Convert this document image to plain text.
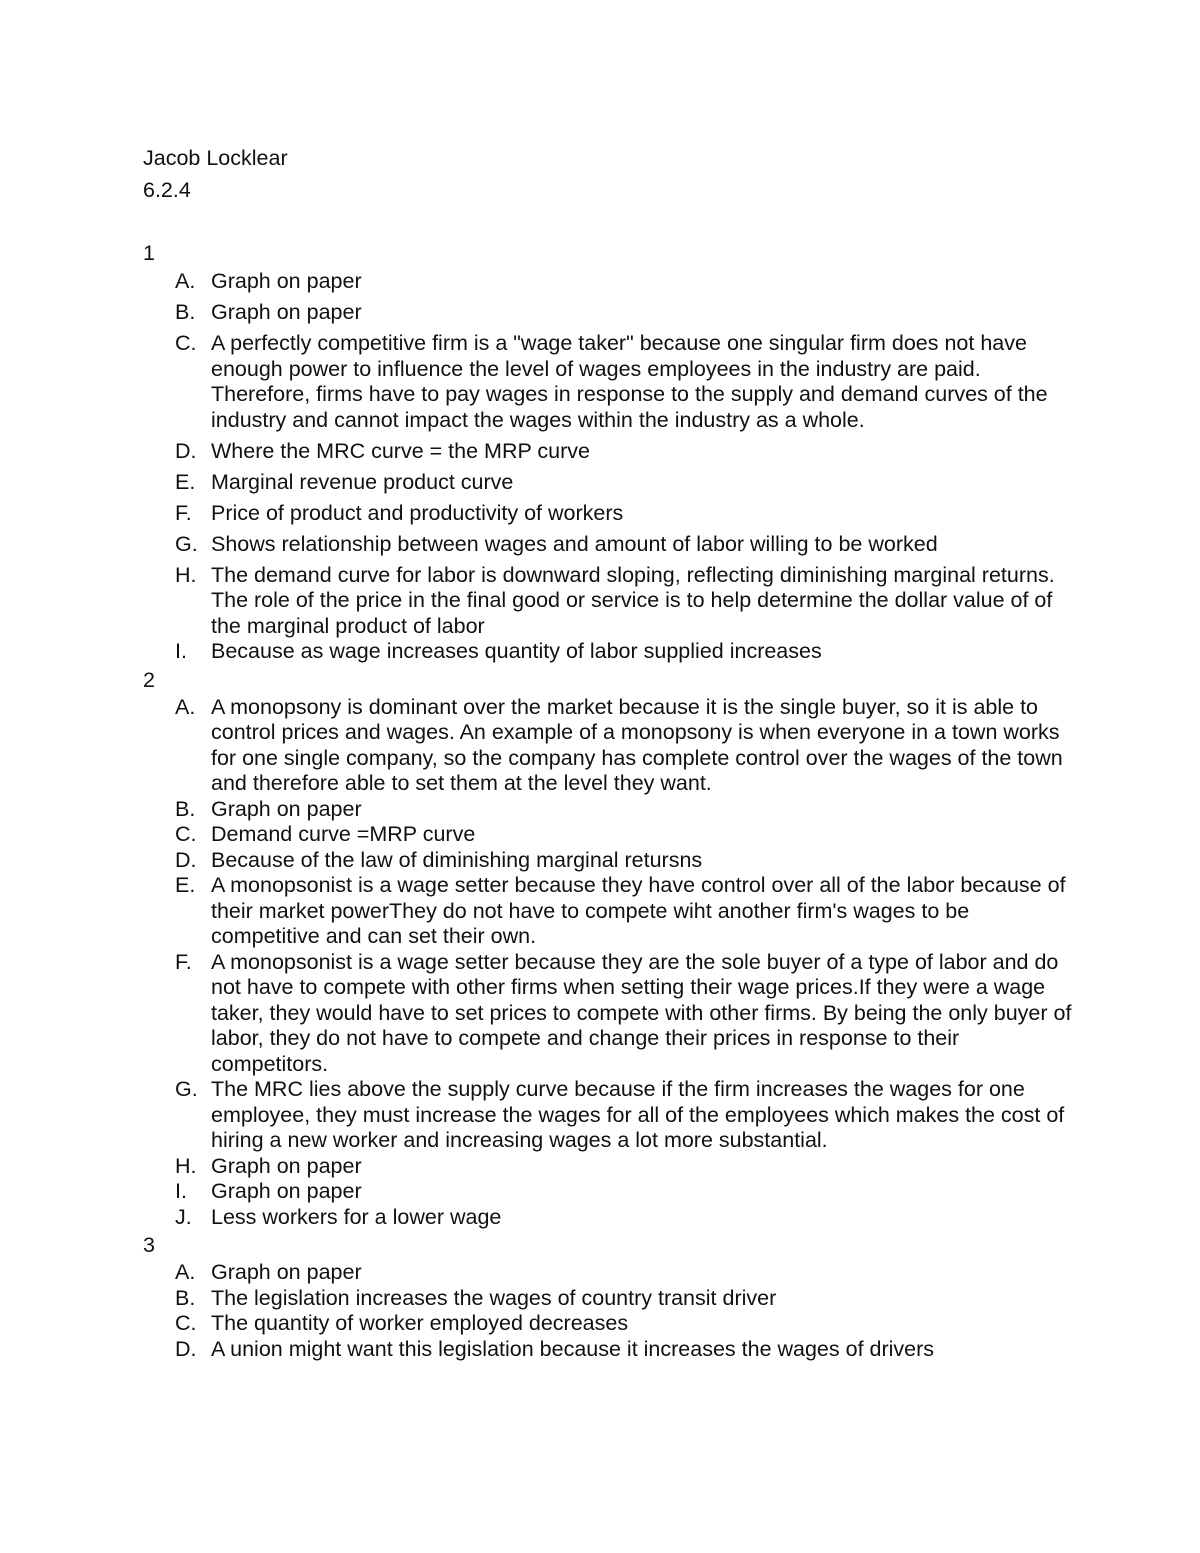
Jacob Locklear
6.2.4
1
A. Graph on paper
B. Graph on paper
C. A perfectly competitive firm is a "wage taker" because one singular firm does not have enough power to influence the level of wages employees in the industry are paid. Therefore, firms have to pay wages in response to the supply and demand curves of the industry and cannot impact the wages within the industry as a whole.
D. Where the MRC curve = the MRP curve
E. Marginal revenue product curve
F. Price of product and productivity of workers
G. Shows relationship between wages and amount of labor willing to be worked
H. The demand curve for labor is downward sloping, reflecting diminishing marginal returns. The role of the price in the final good or service is to help determine the dollar value of of the marginal product of labor
I. Because as wage increases quantity of labor supplied increases
2
A. A monopsony is dominant over the market because it is the single buyer, so it is able to control prices and wages. An example of a monopsony is when everyone in a town works for one single company, so the company has complete control over the wages of the town and therefore able to set them at the level they want.
B. Graph on paper
C. Demand curve =MRP curve
D. Because of the law of diminishing marginal retursns
E. A monopsonist is a wage setter because they have control over all of the labor because of their market powerThey do not have to compete wiht another firm's wages to be competitive and can set their own.
F. A monopsonist is a wage setter because they are the sole buyer of a type of labor and do not have to compete with other firms when setting their wage prices.If they were a wage taker, they would have to set prices to compete with other firms. By being the only buyer of labor, they do not have to compete and change their prices in response to their competitors.
G. The MRC lies above the supply curve because if the firm increases the wages for one employee, they must increase the wages for all of the employees which makes the cost of hiring a new worker and increasing wages a lot more substantial.
H. Graph on paper
I. Graph on paper
J. Less workers for a lower wage
3
A. Graph on paper
B. The legislation increases the wages of country transit driver
C. The quantity of worker employed decreases
D. A union might want this legislation because it increases the wages of drivers
